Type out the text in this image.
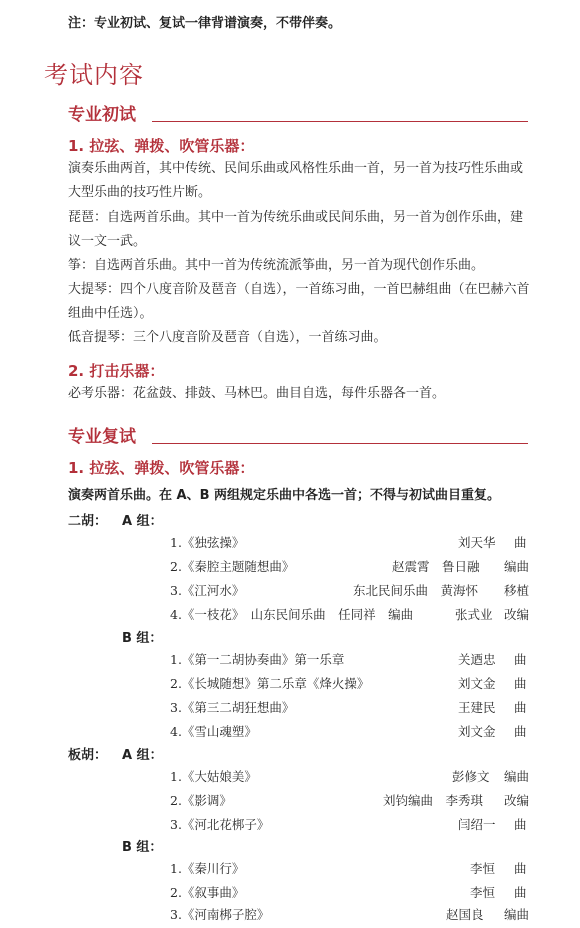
注：专业初试、复试一律背谱演奏，不带伴奏。
考试内容
专业初试
1. 拉弦、弹拨、吹管乐器：
演奏乐曲两首，其中传统、民间乐曲或风格性乐曲一首，另一首为技巧性乐曲或大型乐曲的技巧性片断。
琵琶：自选两首乐曲。其中一首为传统乐曲或民间乐曲，另一首为创作乐曲，建议一文一武。
筝：自选两首乐曲。其中一首为传统流派筝曲，另一首为现代创作乐曲。
大提琴：四个八度音阶及琶音（自选），一首练习曲，一首巴赫组曲（在巴赫六首组曲中任选）。
低音提琴：三个八度音阶及琶音（自选），一首练习曲。
2. 打击乐器：
必考乐器：花盆鼓、排鼓、马林巴。曲目自选，每件乐器各一首。
专业复试
1. 拉弦、弹拨、吹管乐器：
演奏两首乐曲。在 A、B 两组规定乐曲中各选一首；不得与初试曲目重复。
二胡： A 组：
1.《独弦操》	刘天华 曲
2.《秦腔主题随想曲》	赵震霄　鲁日融 编曲
3.《江河水》	东北民间乐曲　黄海怀 移植
4.《一枝花》　山东民间乐曲　任同祥　编曲	张式业 改编
B 组：
1.《第一二胡协奏曲》第一乐章	关迺忠 曲
2.《长城随想》第二乐章《烽火操》	刘文金 曲
3.《第三二胡狂想曲》	王建民 曲
4.《雪山魂塑》	刘文金 曲
板胡： A 组：
1.《大姑娘美》	彭修文 编曲
2.《影调》	刘钧编曲　李秀琪 改编
3.《河北花梆子》	闫绍一 曲
B 组：
1.《秦川行》	李恒 曲
2.《叙事曲》	李恒 曲
3.《河南梆子腔》	赵国良 编曲
